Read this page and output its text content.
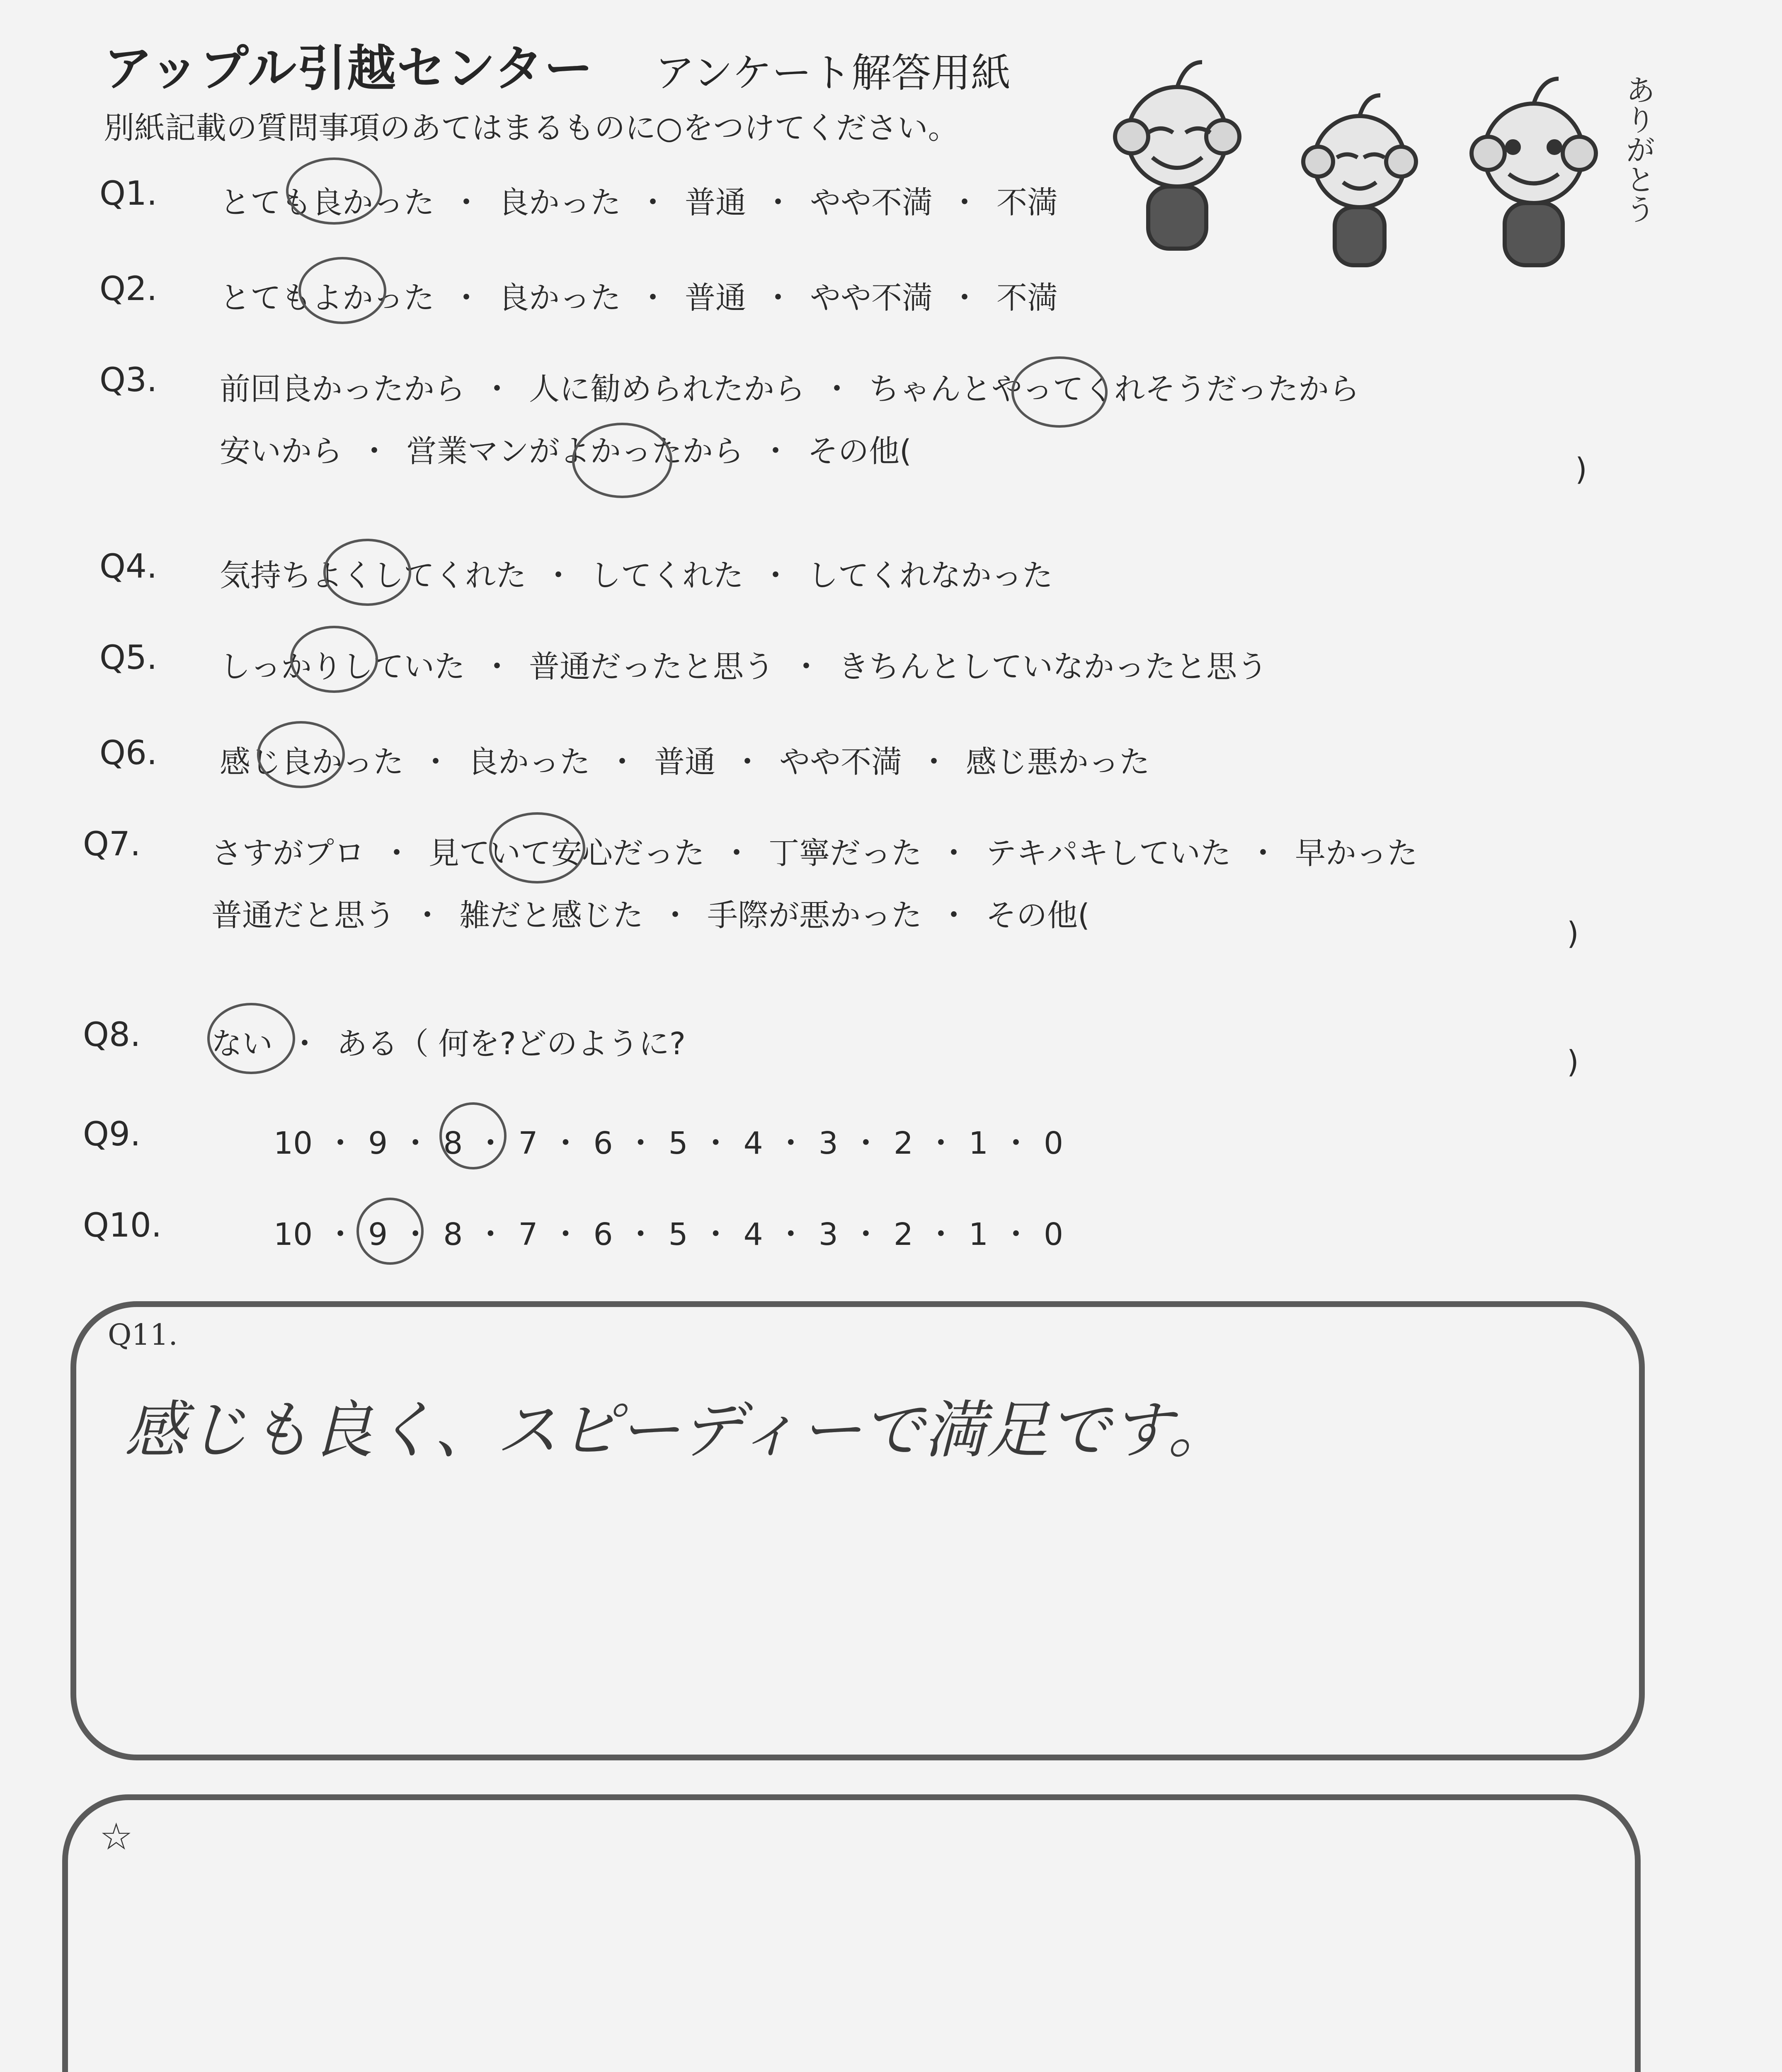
アップル引越センター アンケート解答用紙
別紙記載の質問事項のあてはまるものに○をつけてください。	ありがとう
Q1. とても良かった ・ 良かった ・ 普通 ・ やや不満 ・ 不満
Q2. とてもよかった ・ 良かった ・ 普通 ・ やや不満 ・ 不満
Q3. 前回良かったから ・ 人に勧められたから ・ ちゃんとやってくれそうだったから
安いから ・ 営業マンがよかったから ・ その他(
Q4. 気持ちよくしてくれた ・ してくれた ・ してくれなかった
Q5. しっかりしていた ・ 普通だったと思う ・ きちんとしていなかったと思う
Q6. 感じ良かった ・ 良かった ・ 普通 ・ やや不満 ・ 感じ悪かった
Q7. さすがプロ ・ 見ていて安心だった ・ 丁寧だった ・ テキパキしていた ・ 早かった
普通だと思う ・ 雑だと感じた ・ 手際が悪かった ・ その他(
Q8. ない ・ ある（ 何を?どのように?
Q9.	10 ・ 9 ・ 8 ・ 7 ・ 6 ・ 5 ・ 4 ・ 3 ・ 2 ・ 1 ・ 0
Q10.	10 ・ 9 ・ 8 ・ 7 ・ 6 ・ 5 ・ 4 ・ 3 ・ 2 ・ 1 ・ 0
)
)
)
Q11.
感じも良く、スピーディーで満足です。
☆
